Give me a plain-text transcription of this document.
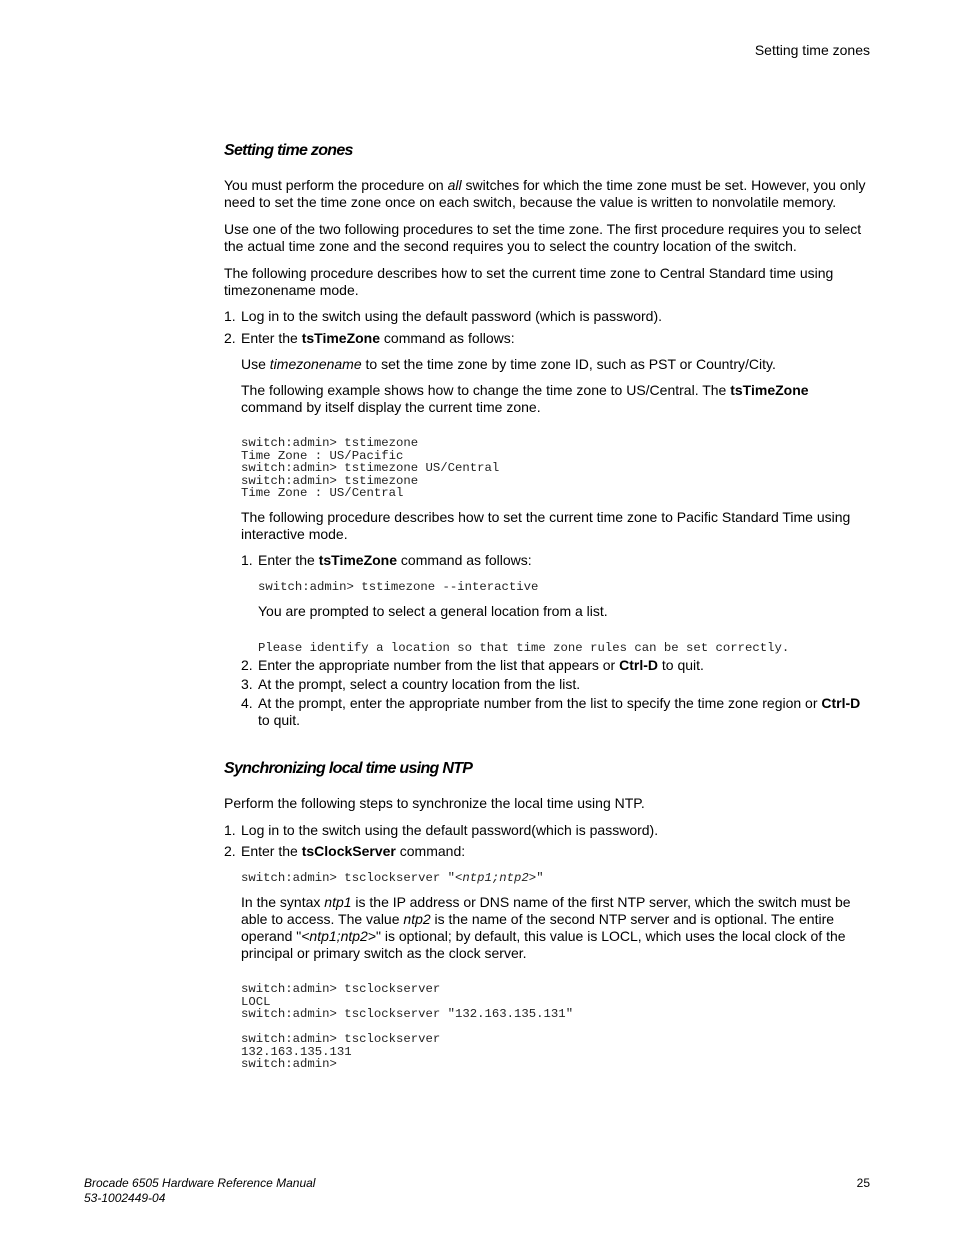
Setting time zones
Setting time zones

You must perform the procedure on all switches for which the time zone must be set. However, you only need to set the time zone once on each switch, because the value is written to nonvolatile memory.

Use one of the two following procedures to set the time zone. The first procedure requires you to select the actual time zone and the second requires you to select the country location of the switch.

The following procedure describes how to set the current time zone to Central Standard time using timezonename mode.

1. Log in to the switch using the default password (which is password).
2. Enter the tsTimeZone command as follows:

Use timezonename to set the time zone by time zone ID, such as PST or Country/City.

The following example shows how to change the time zone to US/Central. The tsTimeZone command by itself display the current time zone.

switch:admin> tstimezone
Time Zone : US/Pacific
switch:admin> tstimezone US/Central
switch:admin> tstimezone
Time Zone : US/Central

The following procedure describes how to set the current time zone to Pacific Standard Time using interactive mode.

1. Enter the tsTimeZone command as follows:
switch:admin> tstimezone --interactive

You are prompted to select a general location from a list.

Please identify a location so that time zone rules can be set correctly.
2. Enter the appropriate number from the list that appears or Ctrl-D to quit.
3. At the prompt, select a country location from the list.
4. At the prompt, enter the appropriate number from the list to specify the time zone region or Ctrl-D to quit.
Synchronizing local time using NTP

Perform the following steps to synchronize the local time using NTP.

1. Log in to the switch using the default password(which is password).
2. Enter the tsClockServer command:
switch:admin> tsclockserver "<ntp1;ntp2>"

In the syntax ntp1 is the IP address or DNS name of the first NTP server, which the switch must be able to access. The value ntp2 is the name of the second NTP server and is optional. The entire operand "<ntp1;ntp2>" is optional; by default, this value is LOCL, which uses the local clock of the principal or primary switch as the clock server.

switch:admin> tsclockserver
LOCL
switch:admin> tsclockserver "132.163.135.131"

switch:admin> tsclockserver
132.163.135.131
switch:admin>
Brocade 6505 Hardware Reference Manual
53-1002449-04
25
